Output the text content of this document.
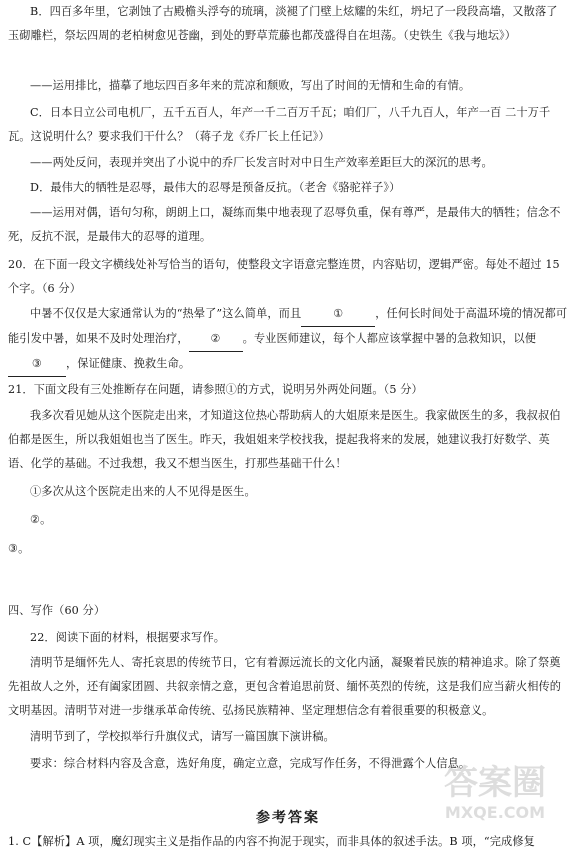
B．四百多年里，它剥蚀了古殿檐头浮夸的琉璃，淡褪了门壁上炫耀的朱红，坍圮了一段段高墙，又散落了玉砌雕栏，祭坛四周的老柏树愈见苍幽，到处的野草荒藤也都茂盛得自在坦荡。（史铁生《我与地坛》）

——运用排比，描摹了地坛四百多年来的荒凉和颓败，写出了时间的无情和生命的有情。

C．日本日立公司电机厂，五千五百人，年产一千二百万千瓦；咱们厂，八千九百人，年产一百 二十万千瓦。这说明什么？要求我们干什么？（蒋子龙《乔厂长上任记》）

——两处反问，表现并突出了小说中的乔厂长发言时对中日生产效率差距巨大的深沉的思考。

D．最伟大的牺牲是忍辱，最伟大的忍辱是预备反抗。（老舍《骆驼祥子》）

——运用对偶，语句匀称，朗朗上口，凝练而集中地表现了忍辱负重，保有尊严，是最伟大的牺牲；信念不死，反抗不泯，是最伟大的忍辱的道理。

20．在下面一段文字横线处补写恰当的语句，使整段文字语意完整连贯，内容贴切，逻辑严密。每处不超过 15 个字。（6 分）

中暑不仅仅是大家通常认为的“热晕了”这么简单，而且	①	，任何长时间处于高温环境的情况都可能引发中暑，如果不及时处理治疗， ② 。专业医师建议，每个人都应该掌握中暑的急救知识，以便③ ，保证健康、挽救生命。

21．下面文段有三处推断存在问题，请参照①的方式，说明另外两处问题。（5 分）

我多次看见她从这个医院走出来，才知道这位热心帮助病人的大姐原来是医生。我家做医生的多，我叔叔伯伯都是医生，所以我姐姐也当了医生。昨天，我姐姐来学校找我，提起我将来的发展，她建议我打好数学、英语、化学的基础。不过我想，我又不想当医生，打那些基础干什么！

①多次从这个医院走出来的人不见得是医生。

②。

③。

四、写作（60 分）

22．阅读下面的材料，根据要求写作。

清明节是缅怀先人、寄托哀思的传统节日，它有着源远流长的文化内涵，凝聚着民族的精神追求。除了祭奠先祖故人之外，还有阖家团圆、共叙亲情之意，更包含着追思前贤、缅怀英烈的传统，这是我们应当薪火相传的文明基因。清明节对进一步继承革命传统、弘扬民族精神、坚定理想信念有着很重要的积极意义。

清明节到了，学校拟举行升旗仪式，请写一篇国旗下演讲稿。

要求：综合材料内容及含意，选好角度，确定立意，完成写作任务，不得泄露个人信息。

参考答案

1. C【解析】A 项，魔幻现实主义是指作品的内容不拘泥于现实，而非具体的叙述手法。B 项，“完成修复

答案圈
MXQE.COM
